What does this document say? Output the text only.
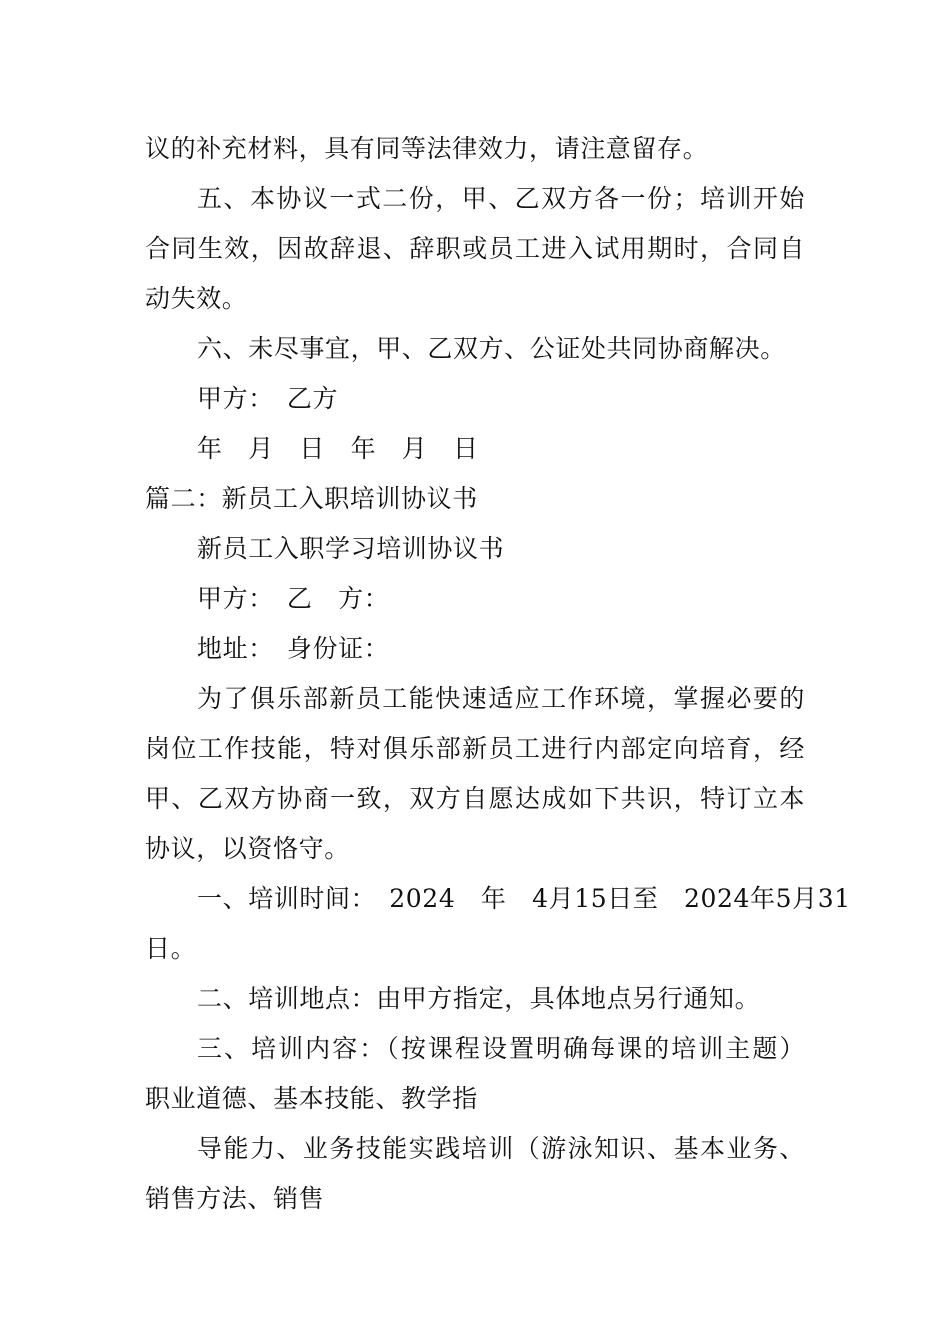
议的补充材料，具有同等法律效力，请注意留存。
五、本协议一式二份，甲、乙双方各一份；培训开始
合同生效，因故辞退、辞职或员工进入试用期时，合同自
动失效。
六、未尽事宜，甲、乙双方、公证处共同协商解决。
甲方：　乙方
年　月　日　年　月　日
篇二：新员工入职培训协议书
新员工入职学习培训协议书
甲方：　乙　方：
地址：　身份证：
为了俱乐部新员工能快速适应工作环境，掌握必要的
岗位工作技能，特对俱乐部新员工进行内部定向培育，经
甲、乙双方协商一致，双方自愿达成如下共识，特订立本
协议，以资恪守。
一、培训时间：　2024　年　4月15日至　2024年5月31
日。
二、培训地点：由甲方指定，具体地点另行通知。
三、培训内容：（按课程设置明确每课的培训主题）
职业道德、基本技能、教学指
导能力、业务技能实践培训（游泳知识、基本业务、
销售方法、销售
